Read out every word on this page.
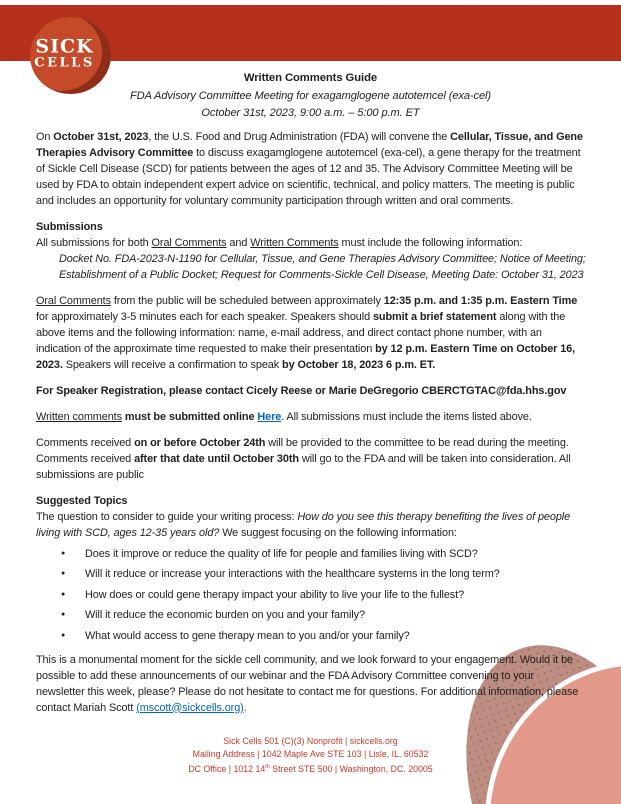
SICK
CELLS
Written Comments Guide
FDA Advisory Committee Meeting for exagamglogene autotemcel (exa-cel)
October 31st, 2023, 9:00 a.m. – 5:00 p.m. ET

On October 31st, 2023, the U.S. Food and Drug Administration (FDA) will convene the Cellular, Tissue, and Gene Therapies Advisory Committee to discuss exagamglogene autotemcel (exa-cel), a gene therapy for the treatment of Sickle Cell Disease (SCD) for patients between the ages of 12 and 35. The Advisory Committee Meeting will be used by FDA to obtain independent expert advice on scientific, technical, and policy matters. The meeting is public and includes an opportunity for voluntary community participation through written and oral comments.

Submissions

All submissions for both Oral Comments and Written Comments must include the following information:

Docket No. FDA-2023-N-1190 for Cellular, Tissue, and Gene Therapies Advisory Committee; Notice of Meeting;
Establishment of a Public Docket; Request for Comments-Sickle Cell Disease, Meeting Date: October 31, 2023

Oral Comments from the public will be scheduled between approximately 12:35 p.m. and 1:35 p.m. Eastern Time for approximately 3-5 minutes each for each speaker. Speakers should submit a brief statement along with the above items and the following information: name, e-mail address, and direct contact phone number, with an indication of the approximate time requested to make their presentation by 12 p.m. Eastern Time on October 16, 2023. Speakers will receive a confirmation to speak by October 18, 2023 6 p.m. ET.

For Speaker Registration, please contact Cicely Reese or Marie DeGregorio CBERCTGTAC@fda.hhs.gov

Written comments must be submitted online Here. All submissions must include the items listed above.

Comments received on or before October 24th will be provided to the committee to be read during the meeting. Comments received after that date until October 30th will go to the FDA and will be taken into consideration. All submissions are public

Suggested Topics

The question to consider to guide your writing process: How do you see this therapy benefiting the lives of people living with SCD, ages 12-35 years old? We suggest focusing on the following information:

● Does it improve or reduce the quality of life for people and families living with SCD?
● Will it reduce or increase your interactions with the healthcare systems in the long term?
● How does or could gene therapy impact your ability to live your life to the fullest?
● Will it reduce the economic burden on you and your family?
● What would access to gene therapy mean to you and/or your family?

This is a monumental moment for the sickle cell community, and we look forward to your engagement. Would it be possible to add these announcements of our webinar and the FDA Advisory Committee convening to your newsletter this week, please? Please do not hesitate to contact me for questions. For additional information, please contact Mariah Scott (mscott@sickcells.org).

Sick Cells 501 (C)(3) Nonprofit | sickcells.org
Mailing Address | 1042 Maple Ave STE 103 | Lisle, IL. 60532
DC Office | 1012 14th Street STE 500 | Washington, DC. 20005
